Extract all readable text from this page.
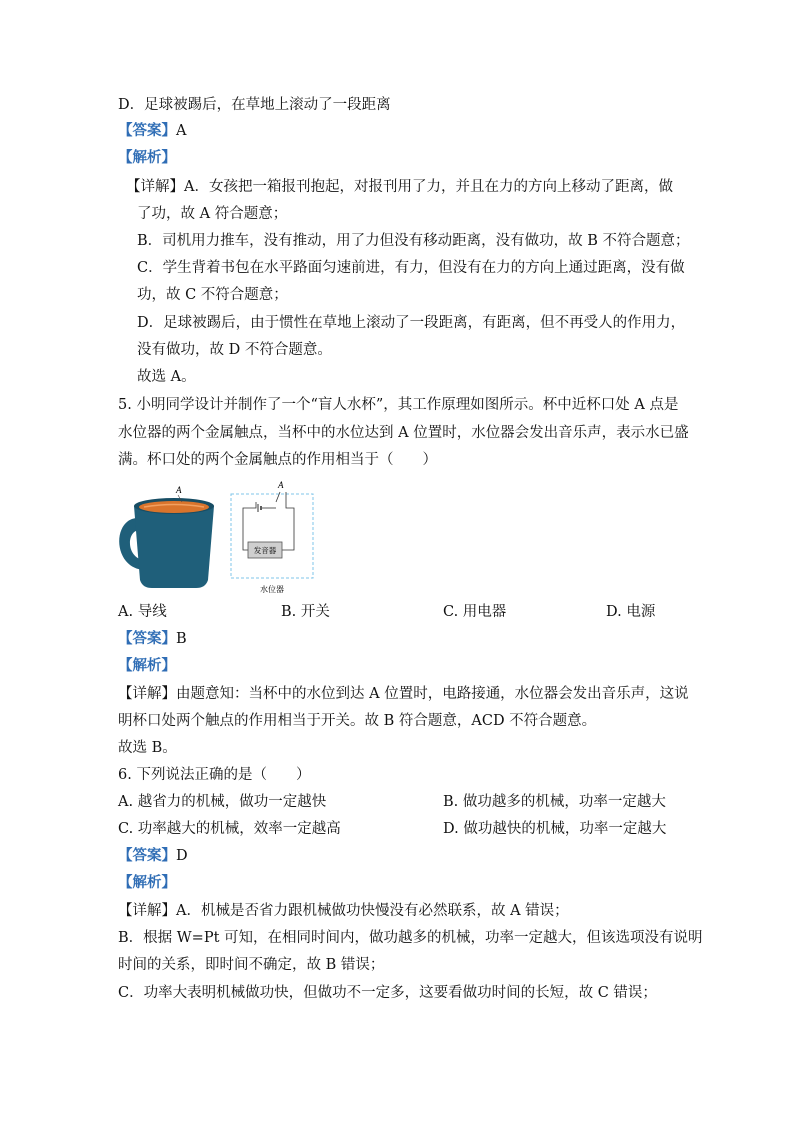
D．足球被踢后，在草地上滚动了一段距离
【答案】A
【解析】
【详解】A．女孩把一箱报刊抱起，对报刊用了力，并且在力的方向上移动了距离，做
了功，故 A 符合题意；
B．司机用力推车，没有推动，用了力但没有移动距离，没有做功，故 B 不符合题意；
C．学生背着书包在水平路面匀速前进，有力，但没有在力的方向上通过距离，没有做
功，故 C 不符合题意；
D．足球被踢后，由于惯性在草地上滚动了一段距离，有距离，但不再受人的作用力，
没有做功，故 D 不符合题意。
故选 A。
5. 小明同学设计并制作了一个“盲人水杯”，其工作原理如图所示。杯中近杯口处 A 点是
水位器的两个金属触点，当杯中的水位达到 A 位置时，水位器会发出音乐声，表示水已盛
满。杯口处的两个金属触点的作用相当于（　　）
A	A
发音器
水位器
A. 导线	B. 开关	C. 用电器	D. 电源
【答案】B
【解析】
【详解】由题意知：当杯中的水位到达 A 位置时，电路接通，水位器会发出音乐声，这说
明杯口处两个触点的作用相当于开关。故 B 符合题意，ACD 不符合题意。
故选 B。
6. 下列说法正确的是（　　）
A. 越省力的机械，做功一定越快	B. 做功越多的机械，功率一定越大
C. 功率越大的机械，效率一定越高	D. 做功越快的机械，功率一定越大
【答案】D
【解析】
【详解】A．机械是否省力跟机械做功快慢没有必然联系，故 A 错误；
B．根据 W=Pt 可知，在相同时间内，做功越多的机械，功率一定越大，但该选项没有说明
时间的关系，即时间不确定，故 B 错误；
C．功率大表明机械做功快，但做功不一定多，这要看做功时间的长短，故 C 错误；
